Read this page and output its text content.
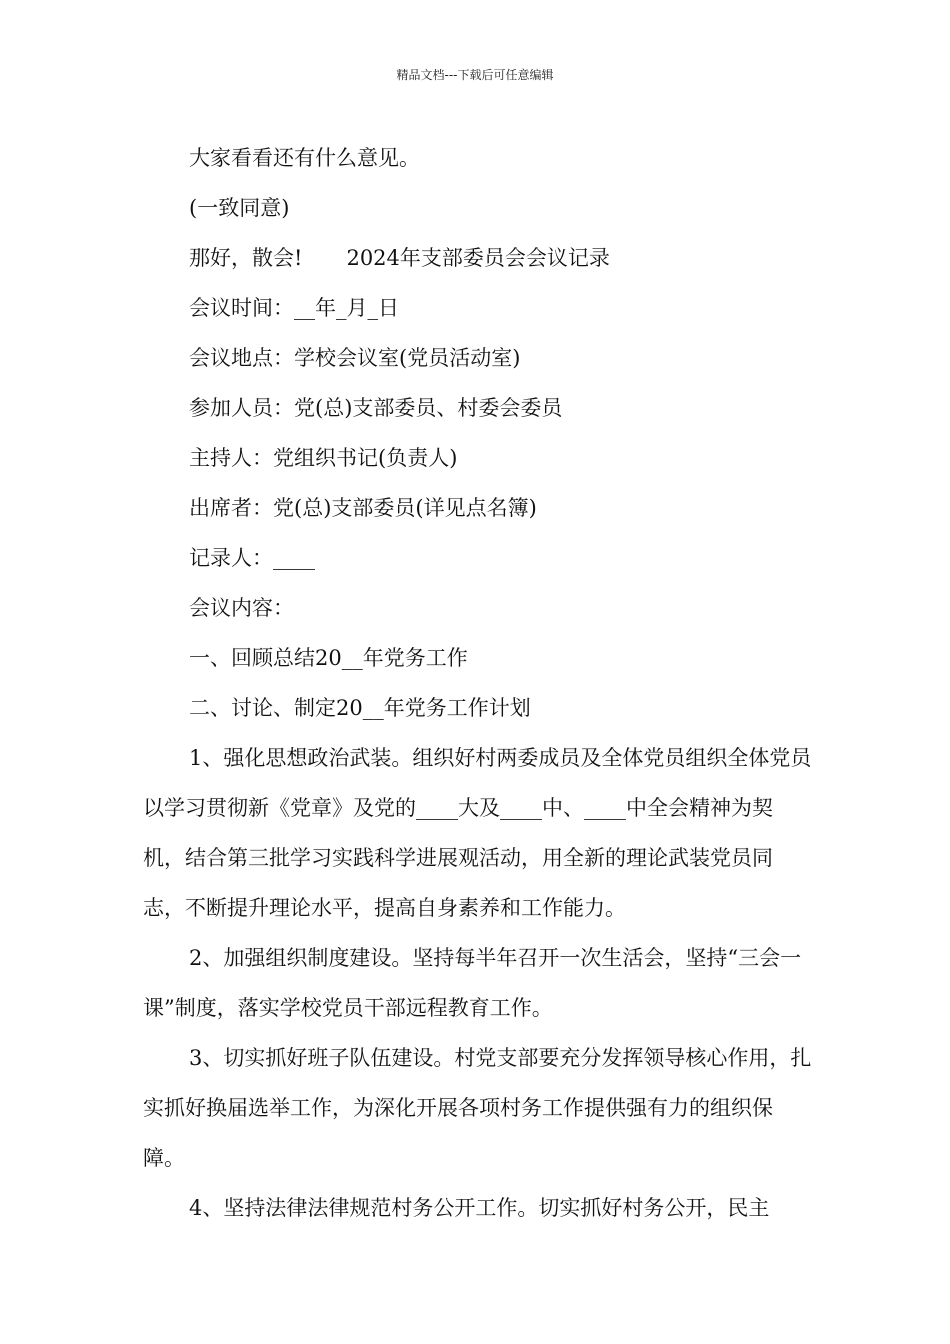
精品文档---下载后可任意编辑

大家看看还有什么意见。

(一致同意)

那好，散会! 2024年支部委员会会议记录

会议时间：__年_月_日

会议地点：学校会议室(党员活动室)

参加人员：党(总)支部委员、村委会委员

主持人：党组织书记(负责人)

出席者：党(总)支部委员(详见点名簿)

记录人：____

会议内容：

一、回顾总结20__年党务工作

二、讨论、制定20__年党务工作计划

1、强化思想政治武装。组织好村两委成员及全体党员组织全体党员以学习贯彻新《党章》及党的____大及____中、____中全会精神为契机，结合第三批学习实践科学进展观活动，用全新的理论武装党员同志，不断提升理论水平，提高自身素养和工作能力。

2、加强组织制度建设。坚持每半年召开一次生活会，坚持“三会一课”制度，落实学校党员干部远程教育工作。

3、切实抓好班子队伍建设。村党支部要充分发挥领导核心作用，扎实抓好换届选举工作，为深化开展各项村务工作提供强有力的组织保障。

4、坚持法律法律规范村务公开工作。切实抓好村务公开，民主
